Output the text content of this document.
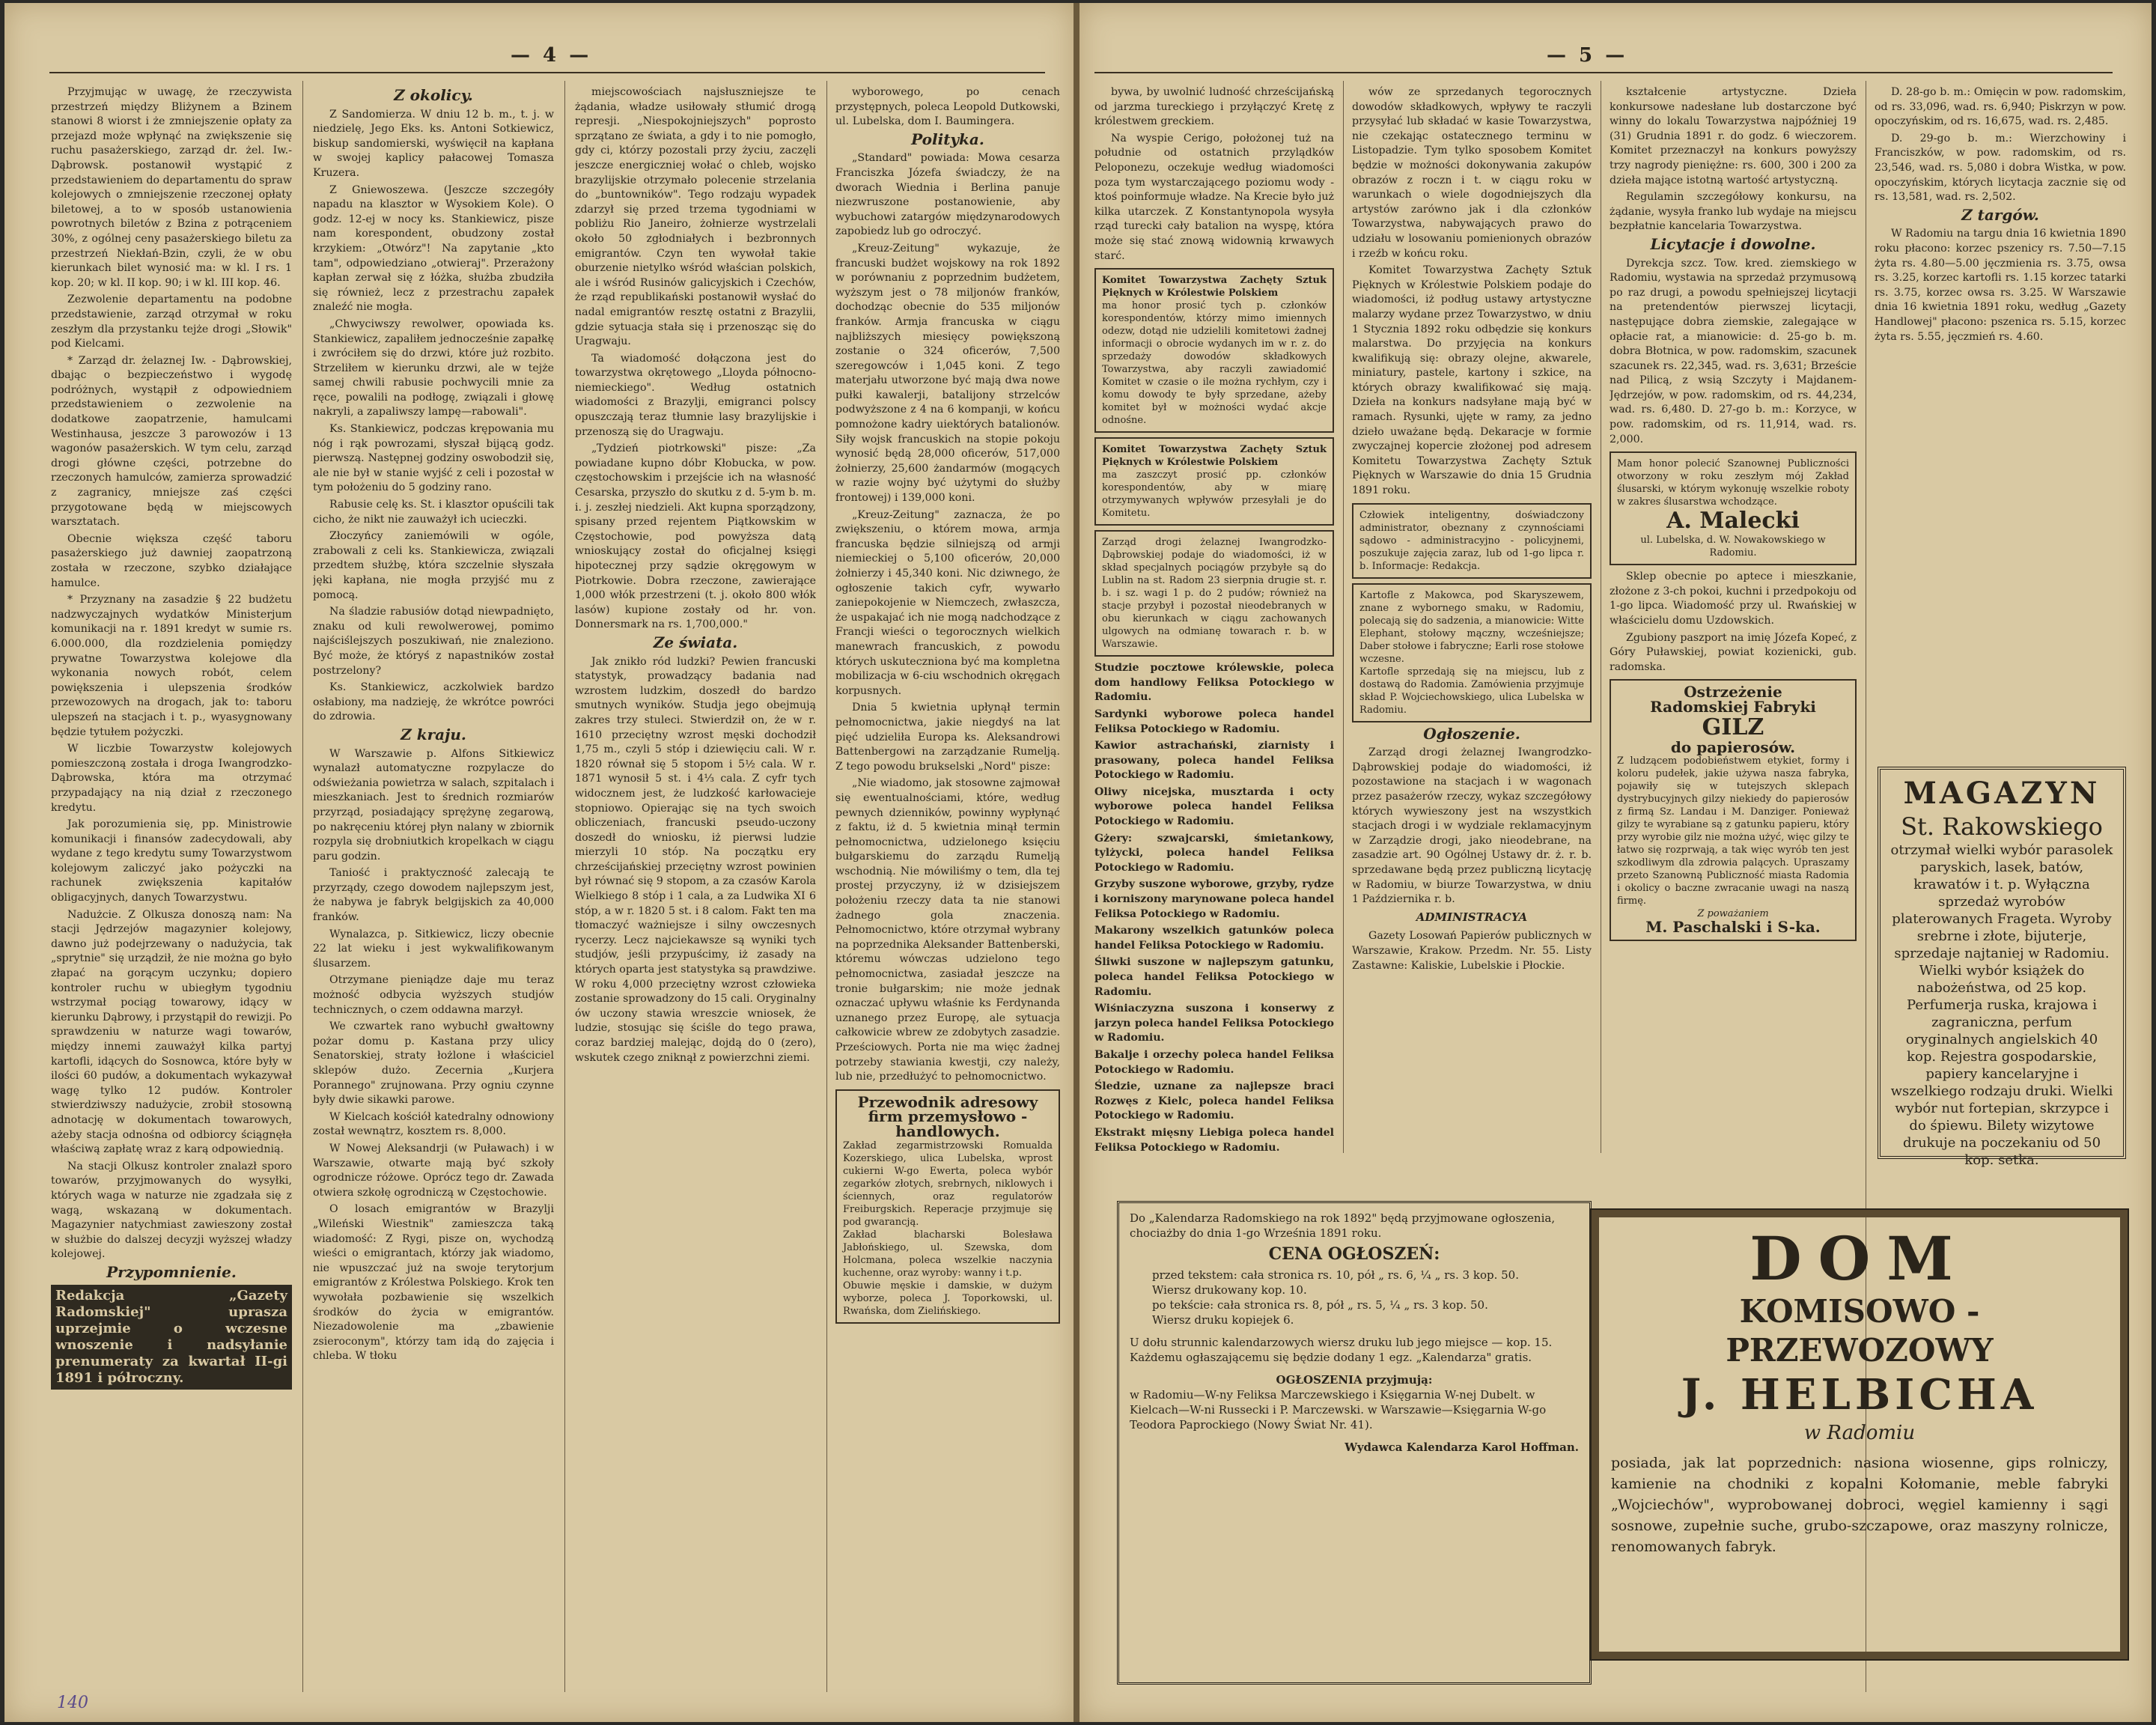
— 4 —

Przyjmując w uwagę, że rzeczywista przestrzeń między Bliżynem a Bzinem stanowi 8 wiorst i że zmniejszenie opłaty za przejazd może wpłynąć na zwiększenie się ruchu pasażerskiego, zarząd dr. żel. Iw.-Dąbrowsk. postanowił wystąpić z przedstawieniem do departamentu do spraw kolejowych o zmniejszenie rzeczonej opłaty biletowej, a to w sposób ustanowienia powrotnych biletów z Bzina z potrąceniem 30%, z ogólnej ceny pasażerskiego biletu za przestrzeń Niekłań-Bzin, czyli, że w obu kierunkach bilet wynosić ma: w kl. I rs. 1 kop. 20; w kl. II kop. 90; i w kl. III kop. 46.

Zezwolenie departamentu na podobne przedstawienie, zarząd otrzymał w roku zeszłym dla przystanku tejże drogi „Słowik" pod Kielcami.

* Zarząd dr. żelaznej Iw. - Dąbrowskiej, dbając o bezpieczeństwo i wygodę podróżnych, wystąpił z odpowiedniem przedstawieniem o zezwolenie na dodatkowe zaopatrzenie, hamulcami Westinhausa, jeszcze 3 parowozów i 13 wagonów pasażerskich. W tym celu, zarząd drogi główne części, potrzebne do rzeczonych hamulców, zamierza sprowadzić z zagranicy, mniejsze zaś części przygotowane będą w miejscowych warsztatach.

Obecnie większa część taboru pasażerskiego już dawniej zaopatrzoną została w rzeczone, szybko działające hamulce.

* Przyznany na zasadzie § 22 budżetu nadzwyczajnych wydatków Ministerjum komunikacji na r. 1891 kredyt w sumie rs. 6.000.000, dla rozdzielenia pomiędzy prywatne Towarzystwa kolejowe dla wykonania nowych robót, celem powiększenia i ulepszenia środków przewozowych na drogach, jak to: taboru ulepszeń na stacjach i t. p., wyasygnowany będzie tytułem pożyczki.

W liczbie Towarzystw kolejowych pomieszczoną została i droga Iwangrodzko-Dąbrowska, która ma otrzymać przypadający na nią dział z rzeczonego kredytu.

Jak porozumienia się, pp. Ministrowie komunikacji i finansów zadecydowali, aby wydane z tego kredytu sumy Towarzystwom kolejowym zaliczyć jako pożyczki na rachunek zwiększenia kapitałów obligacyjnych, danych Towarzystwu.

Nadużcie. Z Olkusza donoszą nam: Na stacji Jędrzejów magazynier kolejowy, dawno już podejrzewany o nadużycia, tak „sprytnie" się urządził, że nie można go było złapać na gorącym uczynku; dopiero kontroler ruchu w ubiegłym tygodniu wstrzymał pociąg towarowy, idący w kierunku Dąbrowy, i przystąpił do rewizji. Po sprawdzeniu w naturze wagi towarów, między innemi zauważył kilka partyj kartofli, idących do Sosnowca, które były w ilości 60 pudów, a dokumentach wykazywał wagę tylko 12 pudów. Kontroler stwierdziwszy nadużycie, zrobił stosowną adnotację w dokumentach towarowych, ażeby stacja odnośna od odbiorcy ściągnęła właściwą zapłatę wraz z karą odpowiednią.

Na stacji Olkusz kontroler znalazł sporo towarów, przyjmowanych do wysyłki, których waga w naturze nie zgadzała się z wagą, wskazaną w dokumentach. Magazynier natychmiast zawieszony został w służbie do dalszej decyzji wyższej władzy kolejowej.

Przypomnienie.
Redakcja „Gazety Radomskiej" uprasza uprzejmie o wczesne wnoszenie i nadsyłanie prenumeraty za kwartał II-gi 1891 i półroczny.
Z okolicy.

Z Sandomierza. W dniu 12 b. m., t. j. w niedzielę, Jego Eks. ks. Antoni Sotkiewicz, biskup sandomierski, wyświęcił na kapłana w swojej kaplicy pałacowej Tomasza Kruzera.

Z Gniewoszewa. (Jeszcze szczegóły napadu na klasztor w Wysokiem Kole). O godz. 12-ej w nocy ks. Stankiewicz, pisze nam korespondent, obudzony został krzykiem: „Otwórz"! Na zapytanie „kto tam", odpowiedziano „otwieraj". Przerażony kapłan zerwał się z łóżka, służba zbudziła się również, lecz z przestrachu zapałek znaleźć nie mogła.

„Chwyciwszy rewolwer, opowiada ks. Stankiewicz, zapaliłem jednocześnie zapałkę i zwróciłem się do drzwi, które już rozbito. Strzeliłem w kierunku drzwi, ale w tejże samej chwili rabusie pochwycili mnie za ręce, powalili na podłogę, związali i głowę nakryli, a zapaliwszy lampę—rabowali".

Ks. Stankiewicz, podczas krępowania mu nóg i rąk powrozami, słyszał bijącą godz. pierwszą. Następnej godziny oswobodził się, ale nie był w stanie wyjść z celi i pozostał w tym położeniu do 5 godziny rano.

Rabusie celę ks. St. i klasztor opuścili tak cicho, że nikt nie zauważył ich ucieczki.

Złoczyńcy zaniemówili w ogóle, zrabowali z celi ks. Stankiewicza, związali przedtem służbę, która szczelnie słyszała jęki kapłana, nie mogła przyjść mu z pomocą.

Na śladzie rabusiów dotąd niewpadnięto, znaku od kuli rewolwerowej, pomimo najściślejszych poszukiwań, nie znaleziono. Być może, że któryś z napastników został postrzelony?

Ks. Stankiewicz, aczkolwiek bardzo osłabiony, ma nadzieję, że wkrótce powróci do zdrowia.

Z kraju.

W Warszawie p. Alfons Sitkiewicz wynalazł automatyczne rozpylacze do odświeżania powietrza w salach, szpitalach i mieszkaniach. Jest to średnich rozmiarów przyrząd, posiadający sprężynę zegarową, po nakręceniu której płyn nalany w zbiornik rozpyla się drobniutkich kropelkach w ciągu paru godzin.

Taniość i praktyczność zalecają te przyrządy, czego dowodem najlepszym jest, że nabywa je fabryk belgijskich za 40,000 franków.

Wynalazca, p. Sitkiewicz, liczy obecnie 22 lat wieku i jest wykwalifikowanym ślusarzem.

Otrzymane pieniądze daje mu teraz możność odbycia wyższych studjów technicznych, o czem oddawna marzył.

We czwartek rano wybuchł gwałtowny pożar domu p. Kastana przy ulicy Senatorskiej, straty łożlone i właściciel sklepów dużo. Zecernia „Kurjera Porannego" zrujnowana. Przy ogniu czynne były dwie sikawki parowe.

W Kielcach kościół katedralny odnowiony został wewnątrz, kosztem rs. 8,000.

W Nowej Aleksandrji (w Puławach) i w Warszawie, otwarte mają być szkoły ogrodnicze różowe. Oprócz tego dr. Zawada otwiera szkołę ogrodniczą w Częstochowie.

O losach emigrantów w Brazylji „Wileński Wiestnik" zamieszcza taką wiadomość: Z Rygi, pisze on, wychodzą wieści o emigrantach, którzy jak wiadomo, nie wpuszczać już na swoje terytorjum emigrantów z Królestwa Polskiego. Krok ten wywołała pozbawienie się wszelkich środków do życia w emigrantów. Niezadowolenie ma „zbawienie zsieroconym", którzy tam idą do zajęcia i chleba. W tłoku

miejscowościach najsłuszniejsze te żądania, władze usiłowały stłumić drogą represji. „Niespokojniejszych" poprosto sprzątano ze świata, a gdy i to nie pomogło, gdy ci, którzy pozostali przy życiu, zaczęli jeszcze energiczniej wołać o chleb, wojsko brazylijskie otrzymało polecenie strzelania do „buntowników". Tego rodzaju wypadek zdarzył się przed trzema tygodniami w pobliżu Rio Janeiro, żołnierze wystrzelali około 50 zgłodniałych i bezbronnych emigrantów. Czyn ten wywołał takie oburzenie nietylko wśród właścian polskich, ale i wśród Rusinów galicyjskich i Czechów, że rząd republikański postanowił wysłać do nadal emigrantów resztę ostatni z Brazylii, gdzie sytuacja stała się i przenosząc się do Uragwaju.

Ta wiadomość dołączona jest do towarzystwa okrętowego „Lloyda północno-niemieckiego". Według ostatnich wiadomości z Brazylji, emigranci polscy opuszczają teraz tłumnie lasy brazylijskie i przenoszą się do Uragwaju.

„Tydzień piotrkowski" pisze: „Za powiadane kupno dóbr Kłobucka, w pow. częstochowskim i przejście ich na własność Cesarska, przyszło do skutku z d. 5-ym b. m. i. j. zeszłej niedzieli. Akt kupna sporządzony, spisany przed rejentem Piątkowskim w Częstochowie, pod powyższa datą wnioskujący został do oficjalnej księgi hipotecznej przy sądzie okręgowym w Piotrkowie. Dobra rzeczone, zawierające 1,000 włók przestrzeni (t. j. około 800 włók lasów) kupione zostały od hr. von. Donnersmark na rs. 1,700,000."

Ze świata.

Jak znikło ród ludzki? Pewien francuski statystyk, prowadzący badania nad wzrostem ludzkim, doszedł do bardzo smutnych wyników. Studja jego obejmują zakres trzy stuleci. Stwierdził on, że w r. 1610 przeciętny wzrost męski dochodził 1,75 m., czyli 5 stóp i dziewięciu cali. W r. 1820 równał się 5 stopom i 5½ cala. W r. 1871 wynosił 5 st. i 4⅓ cala. Z cyfr tych widocznem jest, że ludzkość karłowacieje stopniowo. Opierając się na tych swoich obliczeniach, francuski pseudo-uczony doszedł do wniosku, iż pierwsi ludzie mierzyli 10 stóp. Na początku ery chrześcijańskiej przeciętny wzrost powinien był równać się 9 stopom, a za czasów Karola Wielkiego 8 stóp i 1 cala, a za Ludwika XI 6 stóp, a w r. 1820 5 st. i 8 calom. Fakt ten ma tłomaczyć ważniejsze i silny owczesnych rycerzy. Lecz najciekawsze są wyniki tych studjów, jeśli przypuścimy, iż zasady na których oparta jest statystyka są prawdziwe. W roku 4,000 przeciętny wzrost człowieka zostanie sprowadzony do 15 cali. Oryginalny ów uczony stawia wreszcie wniosek, że ludzie, stosując się ściśle do tego prawa, coraz bardziej malejąc, dojdą do 0 (zero), wskutek czego zniknął z powierzchni ziemi.

wyborowego, po cenach przystępnych, poleca Leopold Dutkowski, ul. Lubelska, dom I. Baumingera.

Polityka.

„Standard" powiada: Mowa cesarza Franciszka Józefa świadczy, że na dworach Wiednia i Berlina panuje niezwruszone postanowienie, aby wybuchowi zatargów międzynarodowych zapobiedz lub go odroczyć.

„Kreuz-Zeitung" wykazuje, że francuski budżet wojskowy na rok 1892 w porównaniu z poprzednim budżetem, wyższym jest o 78 miljonów franków, dochodząc obecnie do 535 miljonów franków. Armja francuska w ciągu najbliższych miesięcy powiększoną zostanie o 324 oficerów, 7,500 szeregowców i 1,045 koni. Z tego materjału utworzone być mają dwa nowe pułki kawalerji, batalijony strzelców podwyższone z 4 na 6 kompanji, w końcu pomnożone kadry uiektórych batalionów. Siły wojsk francuskich na stopie pokoju wynosić będą 28,000 oficerów, 517,000 żołnierzy, 25,600 żandarmów (mogących w razie wojny być użytymi do służby frontowej) i 139,000 koni.

„Kreuz-Zeitung" zaznacza, że po zwiększeniu, o którem mowa, armja francuska będzie silniejszą od armji niemieckiej o 5,100 oficerów, 20,000 żołnierzy i 45,340 koni. Nic dziwnego, że ogłoszenie takich cyfr, wywarło zaniepokojenie w Niemczech, zwłaszcza, że uspakajać ich nie mogą nadchodzące z Francji wieści o tegorocznych wielkich manewrach francuskich, z powodu których uskuteczniona być ma kompletna mobilizacja w 6-ciu wschodnich okręgach korpusnych.

Dnia 5 kwietnia upłynął termin pełnomocnictwa, jakie niegdyś na lat pięć udzieliła Europa ks. Aleksandrowi Battenbergowi na zarządzanie Rumelją. Z tego powodu brukselski „Nord" pisze:

„Nie wiadomo, jak stosowne zajmował się ewentualnościami, które, według pewnych dzienników, powinny wypłynąć z faktu, iż d. 5 kwietnia minął termin pełnomocnictwa, udzielonego księciu bułgarskiemu do zarządu Rumelją wschodnią. Nie mówiliśmy o tem, dla tej prostej przyczyny, iż w dzisiejszem położeniu rzeczy data ta nie stanowi żadnego gola znaczenia. Pełnomocnictwo, które otrzymał wybrany na poprzednika Aleksander Battenberski, któremu wówczas udzielono tego pełnomocnictwa, zasiadał jeszcze na tronie bułgarskim; nie może jednak oznaczać upływu właśnie ks Ferdynanda uznanego przez Europę, ale sytuacja całkowicie wbrew ze zdobytych zasadzie. Prześciowych. Porta nie ma więc żadnej potrzeby stawiania kwestji, czy należy, lub nie, przedłużyć to pełnomocnictwo.

Przewodnik adresowy firm przemysłowo - handlowych.
Zakład zegarmistrzowski Romualda Kozerskiego, ulica Lubelska, wprost cukierni W-go Ewerta, poleca wybór zegarków złotych, srebrnych, niklowych i ściennych, oraz regulatorów Freiburgskich. Reperacje przyjmuje się pod gwarancją.
Zakład blacharski Bolesława Jabłońskiego, ul. Szewska, dom Holcmana, poleca wszelkie naczynia kuchenne, oraz wyroby: wanny i t.p.
Obuwie męskie i damskie, w dużym wyborze, poleca J. Toporkowski, ul. Rwańska, dom Zielińskiego.
140
— 5 —

bywa, by uwolnić ludność chrześcijańską od jarzma tureckiego i przyłączyć Kretę z królestwem greckiem.

Na wyspie Cerigo, położonej tuż na południe od ostatnich przylądków Peloponezu, oczekuje według wiadomości poza tym wystarczającego poziomu wody - ktoś poinformuje władze. Na Krecie było już kilka utarczek. Z Konstantynopola wysyła rząd turecki cały batalion na wyspę, która może się stać znową widownią krwawych starć.

Komitet Towarzystwa Zachęty Sztuk Pięknych w Królestwie Polskiem
ma honor prosić tych p. członków korespondentów, którzy mimo imiennych odezw, dotąd nie udzielili komitetowi żadnej informacji o obrocie wydanych im w r. z. do sprzedaży dowodów składkowych Towarzystwa, aby raczyli zawiadomić Komitet w czasie o ile można rychłym, czy i komu dowody te były sprzedane, ażeby komitet był w możności wydać akcje odnośne.
Komitet Towarzystwa Zachęty Sztuk Pięknych w Królestwie Polskiem
ma zaszczyt prosić pp. członków korespondentów, aby w miarę otrzymywanych wpływów przesyłali je do Komitetu.
Zarząd drogi żelaznej Iwangrodzko-Dąbrowskiej podaje do wiadomości, iż w skład specjalnych pociągów przybyłe są do Lublin na st. Radom 23 sierpnia drugie st. r. b. i sz. wagi 1 p. do 2 pudów; również na stacje przybył i pozostał nieodebranych w obu kierunkach w ciągu zachowanych ulgowych na odmianę towarach r. b. w Warszawie.

Studzie pocztowe królewskie, poleca dom handlowy Feliksa Potockiego w Radomiu.

Sardynki wyborowe poleca handel Feliksa Potockiego w Radomiu.

Kawior astrachański, ziarnisty i prasowany, poleca handel Feliksa Potockiego w Radomiu.

Oliwy nicejska, musztarda i octy wyborowe poleca handel Feliksa Potockiego w Radomiu.

Gżery: szwajcarski, śmietankowy, tylżycki, poleca handel Feliksa Potockiego w Radomiu.

Grzyby suszone wyborowe, grzyby, rydze i korniszony marynowane poleca handel Feliksa Potockiego w Radomiu.

Makarony wszelkich gatunków poleca handel Feliksa Potockiego w Radomiu.

Śliwki suszone w najlepszym gatunku, poleca handel Feliksa Potockiego w Radomiu.

Wiśniaczyzna suszona i konserwy z jarzyn poleca handel Feliksa Potockiego w Radomiu.

Bakalje i orzechy poleca handel Feliksa Potockiego w Radomiu.

Śledzie, uznane za najlepsze braci Rozwęs z Kielc, poleca handel Feliksa Potockiego w Radomiu.

Ekstrakt mięsny Liebiga poleca handel Feliksa Potockiego w Radomiu.

wów ze sprzedanych tegorocznych dowodów składkowych, wpływy te raczyli przysyłać lub składać w kasie Towarzystwa, nie czekając ostatecznego terminu w Listopadzie. Tym tylko sposobem Komitet będzie w możności dokonywania zakupów obrazów z roczn i t. w ciągu roku w warunkach o wiele dogodniejszych dla artystów zarówno jak i dla członków Towarzystwa, nabywających prawo do udziału w losowaniu pomienionych obrazów i rzeźb w końcu roku.

Komitet Towarzystwa Zachęty Sztuk Pięknych w Królestwie Polskiem podaje do wiadomości, iż podług ustawy artystyczne malarzy wydane przez Towarzystwo, w dniu 1 Stycznia 1892 roku odbędzie się konkurs malarstwa. Do przyjęcia na konkurs kwalifikują się: obrazy olejne, akwarele, miniatury, pastele, kartony i szkice, na których obrazy kwalifikować się mają. Dzieła na konkurs nadsyłane mają być w ramach. Rysunki, ujęte w ramy, za jedno dzieło uważane będą. Dekaracje w formie zwyczajnej kopercie złożonej pod adresem Komitetu Towarzystwa Zachęty Sztuk Pięknych w Warszawie do dnia 15 Grudnia 1891 roku.

Człowiek inteligentny, doświadczony administrator, obeznany z czynnościami sądowo - administracyjno - policyjnemi, poszukuje zajęcia zaraz, lub od 1-go lipca r. b. Informacje: Redakcja.
Kartofle z Makowca, pod Skaryszewem, znane z wybornego smaku, w Radomiu, polecają się do sadzenia, a mianowicie: Witte Elephant, stołowy mączny, wcześniejsze; Daber stołowe i fabryczne; Earli rose stołowe wczesne.
Kartofle sprzedają się na miejscu, lub z dostawą do Radomia. Zamówienia przyjmuje skład P. Wojciechowskiego, ulica Lubelska w Radomiu.
Ogłoszenie.

Zarząd drogi żelaznej Iwangrodzko-Dąbrowskiej podaje do wiadomości, iż pozostawione na stacjach i w wagonach przez pasażerów rzeczy, wykaz szczegółowy których wywieszony jest na wszystkich stacjach drogi i w wydziale reklamacyjnym w Zarządzie drogi, jako nieodebrane, na zasadzie art. 90 Ogólnej Ustawy dr. ż. r. b. sprzedawane będą przez publiczną licytację w Radomiu, w biurze Towarzystwa, w dniu 1 Października r. b.

ADMINISTRACYA

Gazety Losowań Papierów publicznych w Warszawie, Krakow. Przedm. Nr. 55. Listy Zastawne: Kaliskie, Lubelskie i Płockie.

kształcenie artystyczne. Dzieła konkursowe nadesłane lub dostarczone być winny do lokalu Towarzystwa najpóźniej 19 (31) Grudnia 1891 r. do godz. 6 wieczorem. Komitet przeznaczył na konkurs powyższy trzy nagrody pieniężne: rs. 600, 300 i 200 za dzieła mające istotną wartość artystyczną.

Regulamin szczegółowy konkursu, na żądanie, wysyła franko lub wydaje na miejscu bezpłatnie kancelaria Towarzystwa.

Licytacje i dowolne.

Dyrekcja szcz. Tow. kred. ziemskiego w Radomiu, wystawia na sprzedaż przymusową po raz drugi, a powodu spełniejszej licytacji na pretendentów pierwszej licytacji, następujące dobra ziemskie, zalegające w opłacie rat, a mianowicie: d. 25-go b. m. dobra Błotnica, w pow. radomskim, szacunek szacunek rs. 22,345, wad. rs. 3,631; Brzeście nad Pilicą, z wsią Szczyty i Majdanem-Jędrzejów, w pow. radomskim, od rs. 44,234, wad. rs. 6,480. D. 27-go b. m.: Korzyce, w pow. radomskim, od rs. 11,914, wad. rs. 2,000.

Mam honor polecić Szanownej Publiczności otworzony w roku zeszłym mój Zakład ślusarski, w którym wykonuję wszelkie roboty w zakres ślusarstwa wchodzące.
A. Malecki
ul. Lubelska, d. W. Nowakowskiego w Radomiu.

Sklep obecnie po aptece i mieszkanie, złożone z 3-ch pokoi, kuchni i przedpokoju od 1-go lipca. Wiadomość przy ul. Rwańskiej w właścicielu domu Uzdowskich.

Zgubiony paszport na imię Józefa Kopeć, z Góry Puławskiej, powiat kozienicki, gub. radomska.

Ostrzeżenie
Radomskiej Fabryki
GILZ
do papierosów.
Z ludzącem podobieństwem etykiet, formy i koloru pudełek, jakie używa nasza fabryka, pojawiły się w tutejszych sklepach dystrybucyjnych gilzy niekiedy do papierosów z firmą Sz. Landau i M. Danziger. Ponieważ gilzy te wyrabiane są z gatunku papieru, który przy wyrobie gilz nie można użyć, więc gilzy te łatwo się rozprwają, a tak więc wyrób ten jest szkodliwym dla zdrowia palących. Upraszamy przeto Szanowną Publiczność miasta Radomia i okolicy o baczne zwracanie uwagi na naszą firmę.
Z poważaniem
M. Paschalski i S-ka.

D. 28-go b. m.: Omięcin w pow. radomskim, od rs. 33,096, wad. rs. 6,940; Piskrzyn w pow. opoczyńskim, od rs. 16,675, wad. rs. 2,485.

D. 29-go b. m.: Wierzchowiny i Franciszków, w pow. radomskim, od rs. 23,546, wad. rs. 5,080 i dobra Wistka, w pow. opoczyńskim, których licytacja zacznie się od rs. 13,581, wad. rs. 2,502.

Z targów.

W Radomiu na targu dnia 16 kwietnia 1890 roku płacono: korzec pszenicy rs. 7.50—7.15 żyta rs. 4.80—5.00 jęczmienia rs. 3.75, owsa rs. 3.25, korzec kartofli rs. 1.15 korzec tatarki rs. 3.75, korzec owsa rs. 3.25. W Warszawie dnia 16 kwietnia 1891 roku, według „Gazety Handlowej" płacono: pszenica rs. 5.15, korzec żyta rs. 5.55, jęczmień rs. 4.60.

MAGAZYN
St. Rakowskiego
otrzymał wielki wybór parasolek paryskich, lasek, batów, krawatów i t. p. Wyłączna sprzedaż wyrobów platerowanych Frageta. Wyroby srebrne i złote, bijuterje, sprzedaje najtaniej w Radomiu. Wielki wybór książek do nabożeństwa, od 25 kop. Perfumerja ruska, krajowa i zagraniczna, perfum oryginalnych angielskich 40 kop. Rejestra gospodarskie, papiery kancelaryjne i wszelkiego rodzaju druki. Wielki wybór nut fortepian, skrzypce i do śpiewu. Bilety wizytowe drukuje na poczekaniu od 50 kop. setka.
Do „Kalendarza Radomskiego na rok 1892" będą przyjmowane ogłoszenia, chociażby do dnia 1-go Września 1891 roku.
CENA OGŁOSZEŃ:
przed tekstem: cała stronica rs. 10, pół „ rs. 6, ¼ „ rs. 3 kop. 50.
Wiersz drukowany kop. 10.
po tekście: cała stronica rs. 8, pół „ rs. 5, ¼ „ rs. 3 kop. 50.
Wiersz druku kopiejek 6.
U dołu strunnic kalendarzowych wiersz druku lub jego miejsce — kop. 15. Każdemu ogłaszającemu się będzie dodany 1 egz. „Kalendarza" gratis.
OGŁOSZENIA przyjmują:
w Radomiu—W-ny Feliksa Marczewskiego i Księgarnia W-nej Dubelt. w Kielcach—W-ni Russecki i P. Marczewski. w Warszawie—Księgarnia W-go Teodora Paprockiego (Nowy Świat Nr. 41).
Wydawca Kalendarza Karol Hoffman.
DOM
KOMISOWO - PRZEWOZOWY
J. HELBICHA
w Radomiu
posiada, jak lat poprzednich: nasiona wiosenne, gips rolniczy, kamienie na chodniki z kopalni Kołomanie, meble fabryki „Wojciechów", wyprobowanej dobroci, węgiel kamienny i sągi sosnowe, zupełnie suche, grubo-szczapowe, oraz maszyny rolnicze, renomowanych fabryk.
